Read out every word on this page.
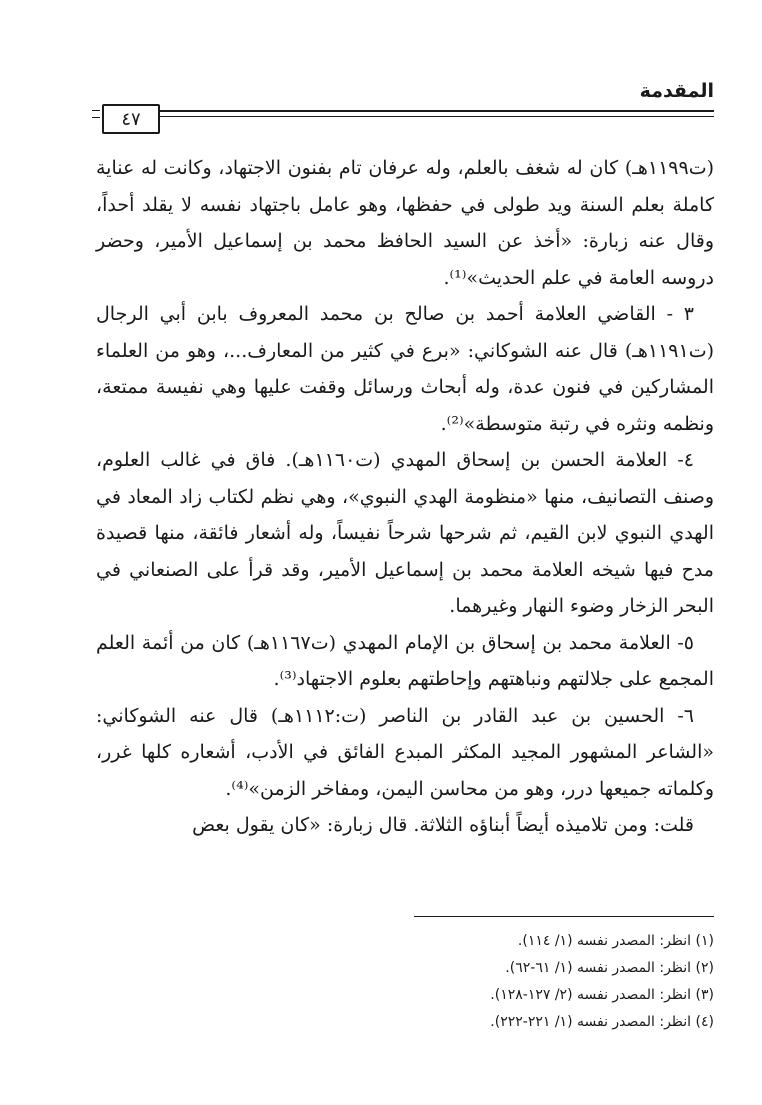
المقدمة
٤٧

(ت١١٩٩هـ) كان له شغف بالعلم، وله عرفان تام بفنون الاجتهاد، وكانت له عناية كاملة بعلم السنة ويد طولى في حفظها، وهو عامل باجتهاد نفسه لا يقلد أحداً، وقال عنه زبارة: «أخذ عن السيد الحافظ محمد بن إسماعيل الأمير، وحضر دروسه العامة في علم الحديث»⁽¹⁾.

٣ - القاضي العلامة أحمد بن صالح بن محمد المعروف بابن أبي الرجال (ت١١٩١هـ) قال عنه الشوكاني: «برع في كثير من المعارف...، وهو من العلماء المشاركين في فنون عدة، وله أبحاث ورسائل وقفت عليها وهي نفيسة ممتعة، ونظمه ونثره في رتبة متوسطة»⁽²⁾.

٤- العلامة الحسن بن إسحاق المهدي (ت١١٦٠هـ). فاق في غالب العلوم، وصنف التصانيف، منها «منظومة الهدي النبوي»، وهي نظم لكتاب زاد المعاد في الهدي النبوي لابن القيم، ثم شرحها شرحاً نفيساً، وله أشعار فائقة، منها قصيدة مدح فيها شيخه العلامة محمد بن إسماعيل الأمير، وقد قرأ على الصنعاني في البحر الزخار وضوء النهار وغيرهما.

٥- العلامة محمد بن إسحاق بن الإمام المهدي (ت١١٦٧هـ) كان من أئمة العلم المجمع على جلالتهم ونباهتهم وإحاطتهم بعلوم الاجتهاد⁽³⁾.

٦- الحسين بن عبد القادر بن الناصر (ت:١١١٢هـ) قال عنه الشوكاني: «الشاعر المشهور المجيد المكثر المبدع الفائق في الأدب، أشعاره كلها غرر، وكلماته جميعها درر، وهو من محاسن اليمن، ومفاخر الزمن»⁽⁴⁾.

قلت: ومن تلاميذه أيضاً أبناؤه الثلاثة. قال زبارة: «كان يقول بعض

(١) انظر: المصدر نفسه (١/ ١١٤).
(٢) انظر: المصدر نفسه (١/ ٦١-٦٢).
(٣) انظر: المصدر نفسه (٢/ ١٢٧-١٢٨).
(٤) انظر: المصدر نفسه (١/ ٢٢١-٢٢٢).
